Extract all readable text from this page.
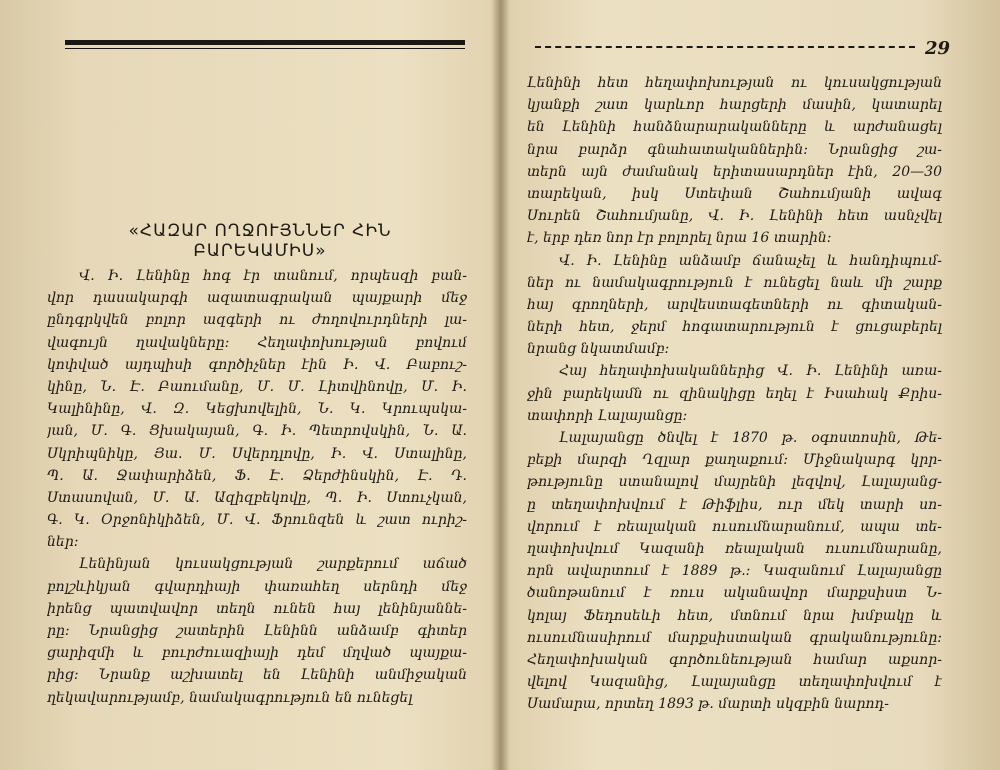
«ՀԱԶԱՐ ՈՂՋՈՒՅՆՆԵՐ ՀԻՆ ԲԱՐԵԿԱՄԻՍ»
Վ. Ի. Լենինը հոգ էր տանում, որպեսզի բան-
վոր դասակարգի ազատագրական պայքարի մեջ
ընդգրկվեն բոլոր ազգերի ու ժողովուրդների լա-
վագույն ղավակները։ Հեղափոխության բովում
կոփված այդպիսի գործիչներ էին Ի. Վ. Բաբուշ-
կինը, Ն. Է. Բաումանը, Մ. Մ. Լիտվինովը, Մ. Ի.
Կալինինը, Վ. Զ. Կեցխովելին, Ն. Կ. Կրուպսկա-
յան, Մ. Գ. Ցխակայան, Գ. Ի. Պետրովսկին, Ն. Ա.
Սկրիպնիկը, Յա. Մ. Սվերդլովը, Ի. Վ. Ստալինը,
Պ. Ա. Ջափարիձեն, Ֆ. Է. Ձերժինսկին, Է. Դ.
Ստասովան, Մ. Ա. Ազիզբեկովը, Պ. Ի. Ստուչկան,
Գ. Կ. Օրջոնիկիձեն, Մ. Վ. Ֆրունզեն և շատ ուրիշ-
ներ։
Լենինյան կուսակցության շարքերում աճած
բոլշևիկյան գվարդիայի փառահեղ սերնդի մեջ
իրենց պատվավոր տեղն ունեն հայ լենինյաննե-
րը։ Նրանցից շատերին Լենինն անձամբ գիտեր
ցարիզմի և բուրժուազիայի դեմ մղված պայքա-
րից։ Նրանք աշխատել են Լենինի անմիջական
ղեկավարությամբ, նամակագրություն են ունեցել
29
Լենինի հետ հեղափոխության ու կուսակցության
կյանքի շատ կարևոր հարցերի մասին, կատարել
են Լենինի հանձնարարականները և արժանացել
նրա բարձր գնահատականներին։ Նրանցից շա-
տերն այն ժամանակ երիտասարդներ էին, 20—30
տարեկան, իսկ Ստեփան Շահումյանի ավագ
Սուրեն Շահումյանը, Վ. Ի. Լենինի հետ ասնչվել
է, երբ դեռ նոր էր բոլորել նրա 16 տարին։
Վ. Ի. Լենինը անձամբ ճանաչել և հանդիպում-
ներ ու նամակագրություն է ունեցել նաև մի շարք
հայ գրողների, արվեստագետների ու գիտական-
ների հետ, ջերմ հոգատարություն է ցուցաբերել
նրանց նկատմամբ։
Հայ հեղափոխականներից Վ. Ի. Լենինի առա-
ջին բարեկամն ու զինակիցը եղել է Իսահակ Քրիս-
տափորի Լալայանցը։
Լալայանցը ծնվել է 1870 թ. օգոստոսին, Թե-
բեքի մարզի Ղզլար քաղաքում։ Միջնակարգ կրր-
թությունը ստանալով մայրենի լեզվով, Լալայանց-
ը տեղափոխվում է Թիֆլիս, ուր մեկ տարի սո-
վորում է ռեալական ուսումնարանում, ապա տե-
ղափոխվում Կազանի ռեալական ուսումնարանը,
որն ավարտում է 1889 թ.։ Կազանում Լալայանցը
ծանոթանում է ռուս ականավոր մարքսիստ Ն-
կոլայ Ֆեդոսեևի հետ, մտնում նրա խմբակը և
ուսումնասիրում մարքսիստական գրականությունը։
Հեղափոխական գործունեության համար աքսոր-
վելով Կազանից, Լալայանցը տեղափոխվում է
Սամարա, որտեղ 1893 թ. մարտի սկզբին նարոդ-
